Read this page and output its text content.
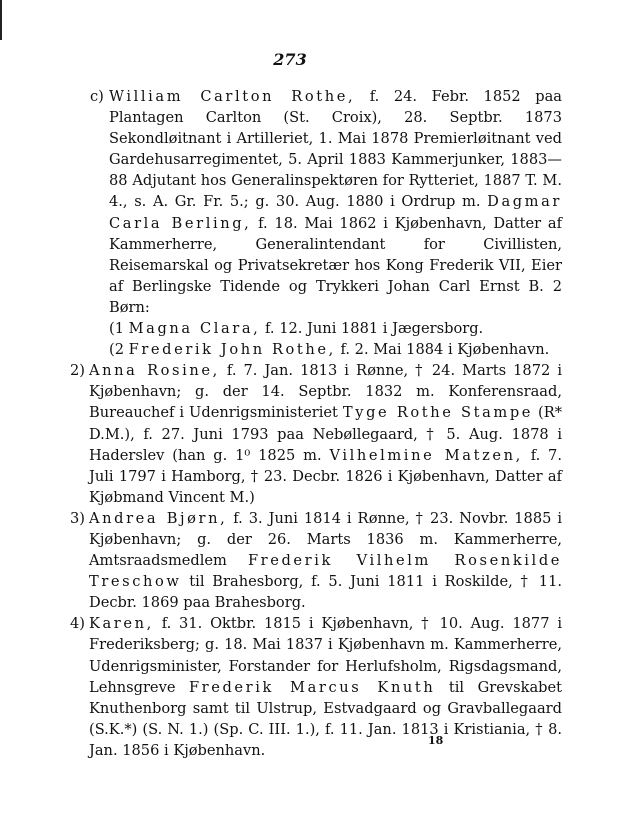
273

c) William Carlton Rothe, f. 24. Febr. 1852 paa Plantagen Carlton (St. Croix), 28. Septbr. 1873 Sekondløitnant i Artilleriet, 1. Mai 1878 Premierløitnant ved Gardehusarregimentet, 5. April 1883 Kammerjunker, 1883—88 Adjutant hos Generalinspektøren for Rytteriet, 1887 T. M. 4., s. A. Gr. Fr. 5.; g. 30. Aug. 1880 i Ordrup m. Dagmar Carla Berling, f. 18. Mai 1862 i Kjøbenhavn, Datter af Kammerherre, Generalintendant for Civillisten, Reisemarskal og Privatsekretær hos Kong Frederik VII, Eier af Berlingske Tidende og Trykkeri Johan Carl Ernst B. 2 Børn:

(1 Magna Clara, f. 12. Juni 1881 i Jægersborg.

(2 Frederik John Rothe, f. 2. Mai 1884 i Kjøbenhavn.

2) Anna Rosine, f. 7. Jan. 1813 i Rønne, † 24. Marts 1872 i Kjøbenhavn; g. der 14. Septbr. 1832 m. Konferensraad, Bureauchef i Udenrigsministeriet Tyge Rothe Stampe (R* D.M.), f. 27. Juni 1793 paa Nebøllegaard, † 5. Aug. 1878 i Haderslev (han g. 1⁰ 1825 m. Vilhelmine Matzen, f. 7. Juli 1797 i Hamborg, † 23. Decbr. 1826 i Kjøbenhavn, Datter af Kjøbmand Vincent M.)

3) Andrea Bjørn, f. 3. Juni 1814 i Rønne, † 23. Novbr. 1885 i Kjøbenhavn; g. der 26. Marts 1836 m. Kammerherre, Amtsraadsmedlem Frederik Vilhelm Rosenkilde Treschow til Brahesborg, f. 5. Juni 1811 i Roskilde, † 11. Decbr. 1869 paa Brahesborg.

4) Karen, f. 31. Oktbr. 1815 i Kjøbenhavn, † 10. Aug. 1877 i Frederiksberg; g. 18. Mai 1837 i Kjøbenhavn m. Kammerherre, Udenrigsminister, Forstander for Herlufsholm, Rigsdagsmand, Lehnsgreve Frederik Marcus Knuth til Grevskabet Knuthenborg samt til Ulstrup, Estvadgaard og Gravballegaard (S.K.*) (S. N. 1.) (Sp. C. III. 1.), f. 11. Jan. 1813 i Kristiania, † 8. Jan. 1856 i Kjøbenhavn.

18
